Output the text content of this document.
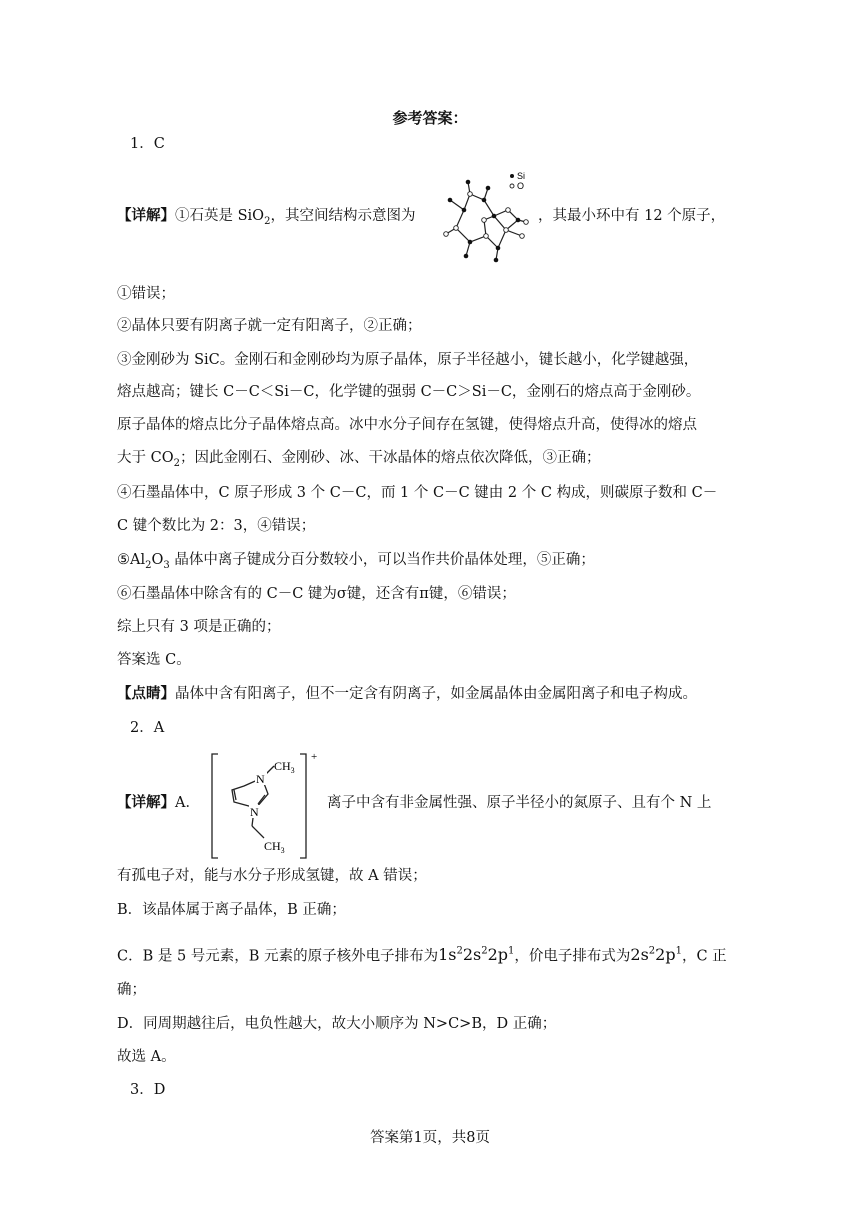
参考答案：
1．C
【详解】①石英是 SiO$_2$，其空间结构示意图为	，其最小环中有 12 个原子，
Si
O
①错误；
②晶体只要有阴离子就一定有阳离子，②正确；
③金刚砂为 SiC。金刚石和金刚砂均为原子晶体，原子半径越小，键长越小，化学键越强，
熔点越高；键长 C－C＜Si－C，化学键的强弱 C－C＞Si－C，金刚石的熔点高于金刚砂。
原子晶体的熔点比分子晶体熔点高。冰中水分子间存在氢键，使得熔点升高，使得冰的熔点
大于 $CO_2$；因此金刚石、金刚砂、冰、干冰晶体的熔点依次降低，③正确；
④石墨晶体中，C 原子形成 3 个 C－C，而 1 个 C－C 键由 2 个 C 构成，则碳原子数和 C－
C 键个数比为 2：3，④错误；
$⑤Al_2O_3$ 晶体中离子键成分百分数较小，可以当作共价晶体处理，⑤正确；
⑥石墨晶体中除含有的 C－C 键为σ键，还含有π键，⑥错误；
综上只有 3 项是正确的；
答案选 C。
【点睛】晶体中含有阳离子，但不一定含有阴离子，如金属晶体由金属阳离子和电子构成。
2．A
【详解】A．	离子中含有非金属性强、原子半径小的氮原子、且有个 N 上
N
N
$CH_3$
$CH_3$
+
有孤电子对，能与水分子形成氢键，故 A 错误；
B．该晶体属于离子晶体，B 正确；
C．B 是 5 号元素，B 元素的原子核外电子排布为$1s^22s^22p^1$，价电子排布式为$2s^22p^1$，C 正
确；
D．同周期越往后，电负性越大，故大小顺序为 N>C>B，D 正确；
故选 A。
3．D
答案第1页，共8页
